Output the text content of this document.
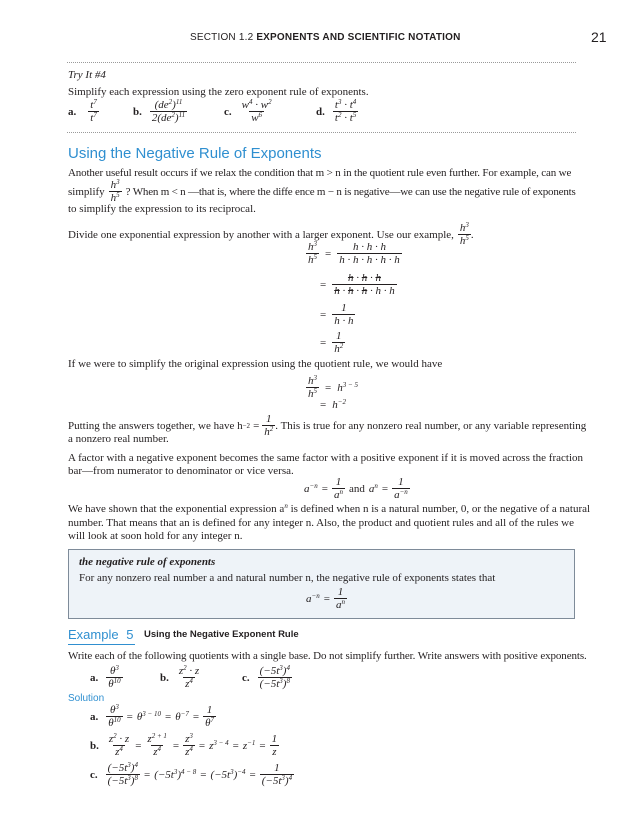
SECTION 1.2 EXPONENTS AND SCIENTIFIC NOTATION	21
Try It #4
Simplify each expression using the zero exponent rule of exponents.
a. $\frac{t^7}{t^7}$	b. $\frac{(de^2)^{11}}{2(de^2)^{11}}$	c. $\frac{w^4 \cdot w^2}{w^6}$	d. $\frac{t^3 \cdot t^4}{t^2 \cdot t^5}$
Using the Negative Rule of Exponents
Another useful result occurs if we relax the condition that m > n in the quotient rule even further. For example, can we
simplify $\frac{h^3}{h^5}$ ? When m < n —that is, where the diffe ence m − n is negative—we can use the negative rule of exponents
to simplify the expression to its reciprocal.
Divide one exponential expression by another with a larger exponent. Use our example, $\frac{h^3}{h^5}$ .
$\frac{h^3}{h^5} = \frac{h \cdot h \cdot h}{h \cdot h \cdot h \cdot h \cdot h}$
= $\frac{h \cdot h \cdot h}{h \cdot h \cdot h \cdot h \cdot h}$
= $\frac{1}{h \cdot h}$
= $\frac{1}{h^2}$
If we were to simplify the original expression using the quotient rule, we would have
$\frac{h^3}{h^5} = h^{3 - 5}$
= $h^{-2}$
Putting the answers together, we have $h -2 = \frac{1}{h^2}$ . This is true for any nonzero real number, or any variable representing
a nonzero real number.
A factor with a negative exponent becomes the same factor with a positive exponent if it is moved across the fraction
bar—from numerator to denominator or vice versa.
$a^{-n} = \frac{1}{a^n}$ and $a^n = \frac{1}{a^{-n}}$
We have shown that the exponential expression $a^n$ is defined when n is a natural number, 0, or the negative of a natural
number. That means that an is defined for any integer n. Also, the product and quotient rules and all of the rules we
will look at soon hold for any integer n.
the negative rule of exponents
For any nonzero real number a and natural number n, the negative rule of exponents states that
$a^{-n} = \frac{1}{a^n}$
Example 5 Using the Negative Exponent Rule
Write each of the following quotients with a single base. Do not simplify further. Write answers with positive exponents.
a. $\frac{\theta^3}{\theta^{10}}$	b. $\frac{z^2 \cdot z}{z^4}$	c. $\frac{(-5t^3)^4}{(-5t^3)^8}$
Solution
a. $\frac{\theta^3}{\theta^{10}} = \theta^{3 - 10} = \theta^{-7} = \frac{1}{\theta^7}$
b. $\frac{z^2 \cdot z}{z^4} = \frac{z^{2 + 1}}{z^4} = \frac{z^3}{z^4} = z^{3 - 4} = z^{-1} = \frac{1}{z}$
c. $\frac{(-5t^3)^4}{(-5t^3)^8} = (-5t^3)^{4 - 8} = (-5t^3)^{-4} = \frac{1}{(-5t^3)^4}$
